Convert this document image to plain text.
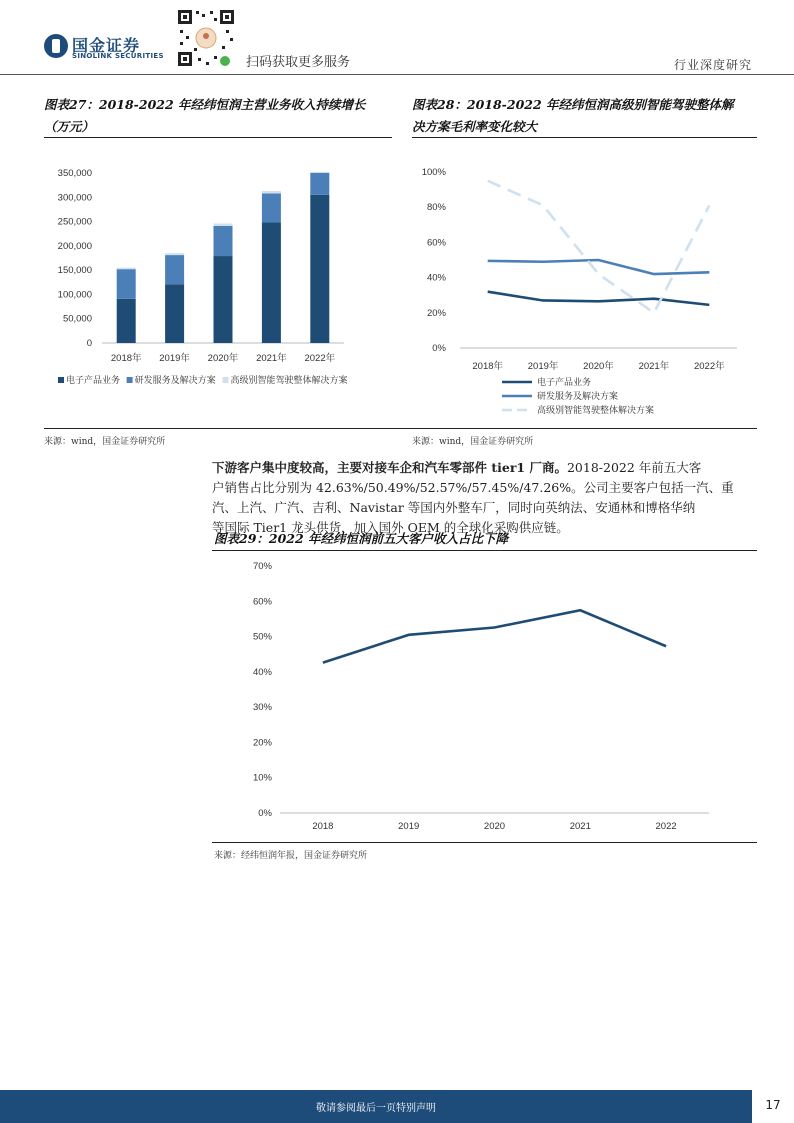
国金证券
SINOLINK SECURITIES	扫码获取更多服务	行业深度研究
图表27：2018-2022 年经纬恒润主营业务收入持续增长
（万元）
图表28：2018-2022 年经纬恒润高级别智能驾驶整体解
决方案毛利率变化较大
0
50,000
100,000
150,000
200,000
250,000
300,000
350,000
2018年 2019年 2020年 2021年 2022年
电子产品业务 研发服务及解决方案 高级别智能驾驶整体解决方案
0%
20%
40%
60%
80%
100%
2018年	2019年	2020年	2021年	2022年
电子产品业务
研发服务及解决方案
高级别智能驾驶整体解决方案
来源：wind，国金证券研究所	来源：wind，国金证券研究所
下游客户集中度较高，主要对接车企和汽车零部件 tier1 厂商。2018-2022 年前五大客
户销售占比分别为 42.63%/50.49%/52.57%/57.45%/47.26%。公司主要客户包括一汽、重
汽、上汽、广汽、吉利、Navistar 等国内外整车厂，同时向英纳法、安通林和博格华纳
等国际 Tier1 龙头供货，加入国外 OEM 的全球化采购供应链。
图表29：2022 年经纬恒润前五大客户收入占比下降
0%
10%
20%
30%
40%
50%
60%
70%
2018	2019	2020	2021	2022
来源：经纬恒润年报，国金证券研究所
敬请参阅最后一页特别声明	17
